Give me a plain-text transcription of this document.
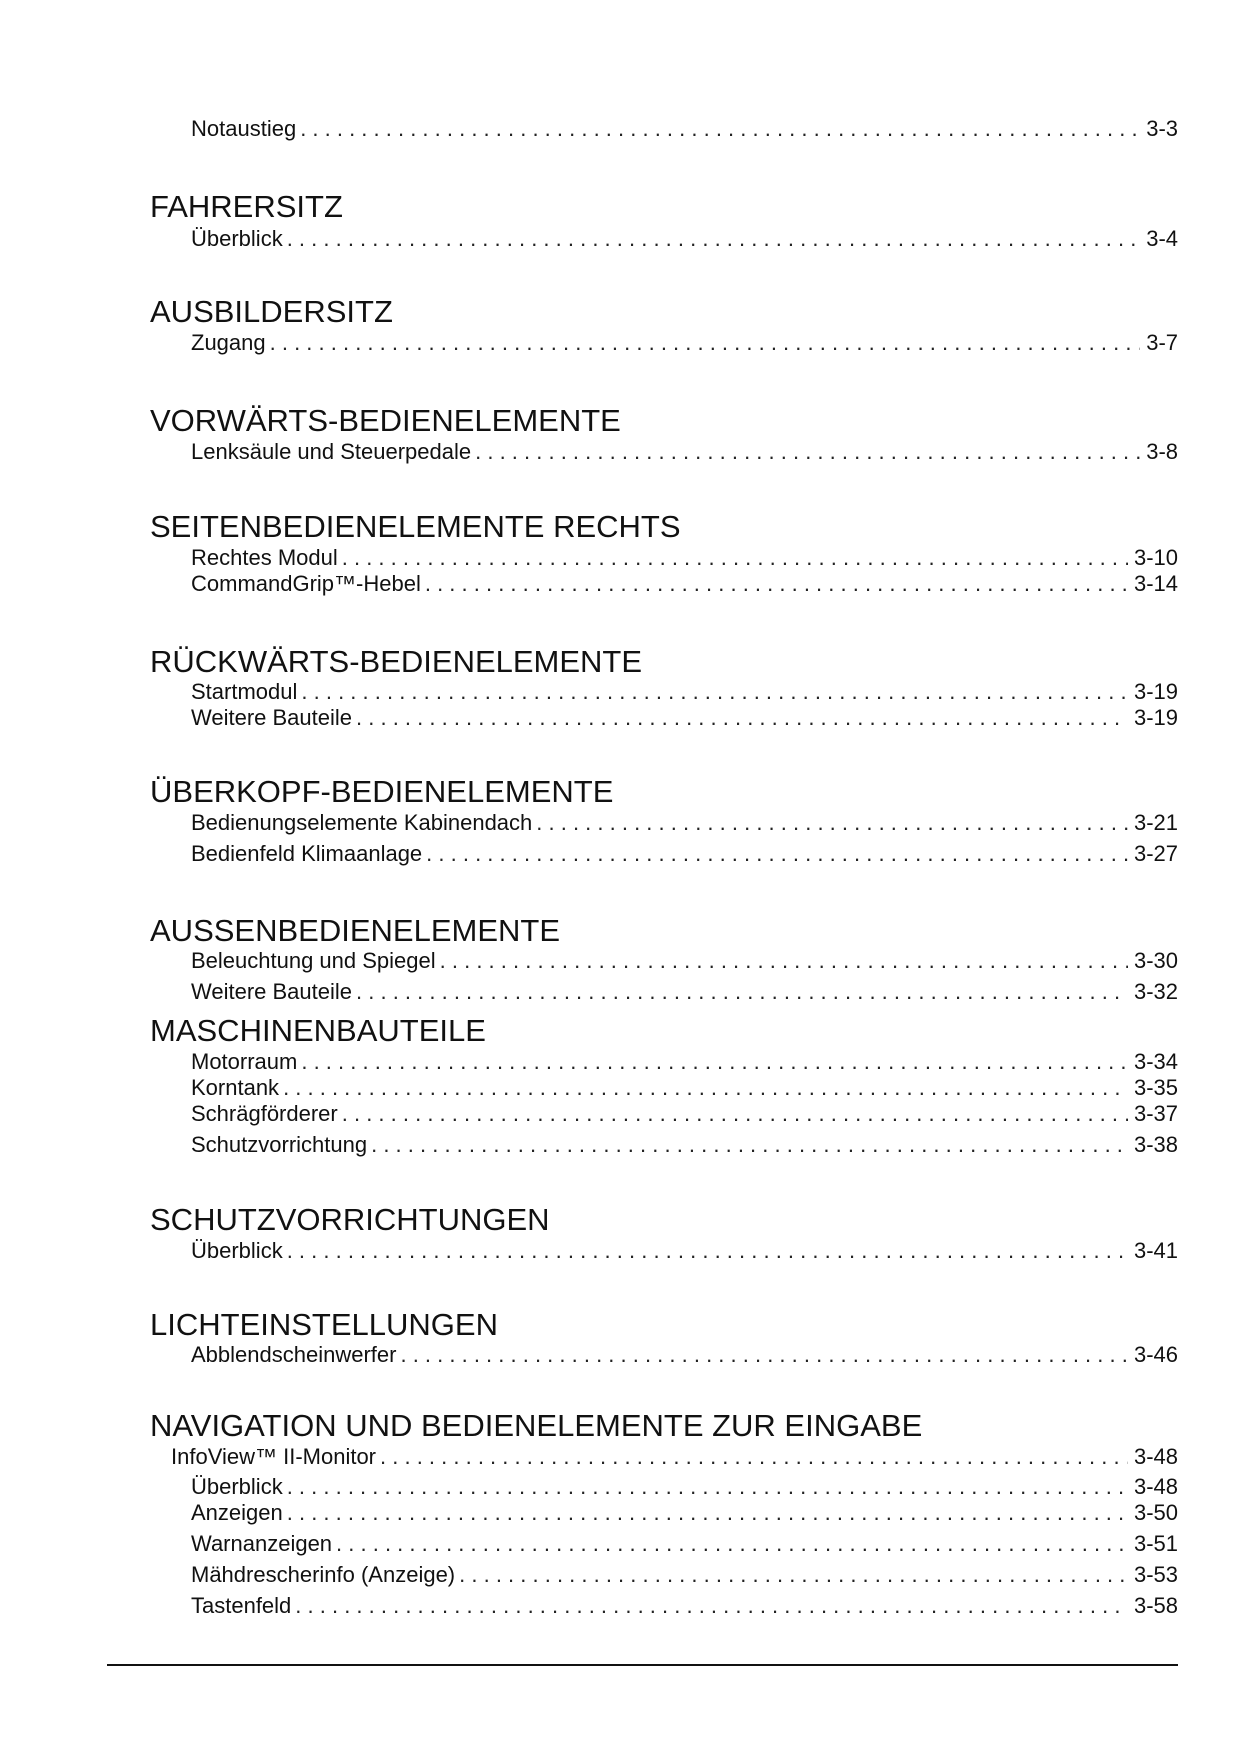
Notaustieg . . .	3-3
FAHRERSITZ
Überblick . . .	3-4
AUSBILDERSITZ
Zugang . . .	3-7
VORWÄRTS-BEDIENELEMENTE
Lenksäule und Steuerpedale . . .	3-8
SEITENBEDIENELEMENTE RECHTS
Rechtes Modul . . .	3-10
CommandGrip™-Hebel . . .	3-14
RÜCKWÄRTS-BEDIENELEMENTE
Startmodul . . .	3-19
Weitere Bauteile . . .	3-19
ÜBERKOPF-BEDIENELEMENTE
Bedienungselemente Kabinendach . . .	3-21
Bedienfeld Klimaanlage . . .	3-27
AUSSENBEDIENELEMENTE
Beleuchtung und Spiegel . . .	3-30
Weitere Bauteile . . .	3-32
MASCHINENBAUTEILE
Motorraum . . .	3-34
Korntank . . .	3-35
Schrägförderer . . .	3-37
Schutzvorrichtung . . .	3-38
SCHUTZVORRICHTUNGEN
Überblick . . .	3-41
LICHTEINSTELLUNGEN
Abblendscheinwerfer . . .	3-46
NAVIGATION UND BEDIENELEMENTE ZUR EINGABE
InfoView™ II-Monitor . . .	3-48
Überblick . . .	3-48
Anzeigen . . .	3-50
Warnanzeigen . . .	3-51
Mähdrescherinfo (Anzeige) . . .	3-53
Tastenfeld . . .	3-58
